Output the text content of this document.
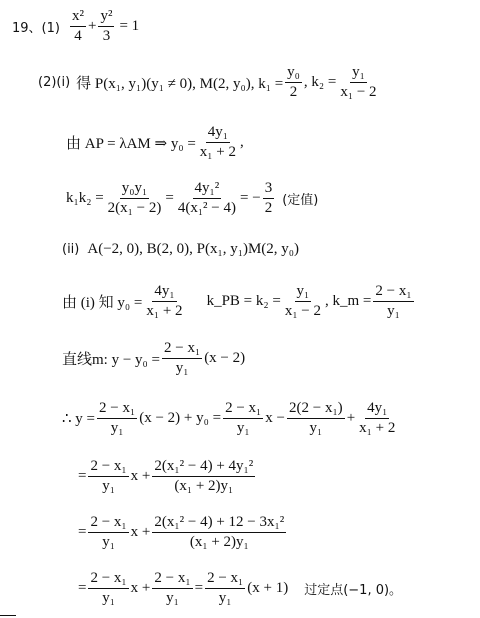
19、$(1) \frac{\text{x²}}{4} + \frac{\text{y²}}{3} = 1$
(2)(i) 得 P(x₁, y₁)(y₁ ≠ 0), M(2, y₀), $k_1 = \frac{\text{y₀}}{2}$ , $k_2 = \frac{\text{y₁}}{\text{x₁ − 2}}$
由 AP = λAM ⇒ $y_0 = \frac{\text{4y₁}}{\text{x₁ + 2}}$ ,
$k_1k_2 = \frac{\text{y₀y₁}}{\text{2(x₁ − 2)}} = \frac{\text{4y₁²}}{\text{4(x₁² − 4)}}$ = − $\frac{3}{2}$ (定值)
(ii) A(−2, 0), B(2, 0), P(x₁, y₁)M(2, y₀)
由 (i) 知 $y_0 = \frac{\text{4y₁}}{\text{x₁ + 2}}$ k_PB = $k_2 = \frac{\text{y₁}}{\text{x₁ − 2}}$ , k_m = $\frac{\text{2 − x₁}}{\text{y₁}}$
直线m: $y - y_0 = \frac{\text{2 − x₁}}{\text{y₁}} (x - 2)$
∴ $y = \frac{\text{2 − x₁}}{\text{y₁}} (x - 2) + y_0 = \frac{\text{2 − x₁}}{\text{y₁}}$ $x - \frac{\text{2(2 − x₁)}}{\text{y₁}} + \frac{\text{4y₁}}{\text{x₁ + 2}}$
= $\frac{\text{2 − x₁}}{\text{y₁}}$ $x + \frac{\text{2(x₁² − 4) + 4y₁²}}{\text{(x₁ + 2)y₁}}$
= $\frac{\text{2 − x₁}}{\text{y₁}}$ $x + \frac{\text{2(x₁² − 4) + 12 − 3x₁²}}{\text{(x₁ + 2)y₁}}$
= $\frac{\text{2 − x₁}}{\text{y₁}}$ $x + \frac{\text{2 − x₁}}{\text{y₁}} = \frac{\text{2 − x₁}}{\text{y₁}} (x + 1)$ 过定点(−1, 0)。
